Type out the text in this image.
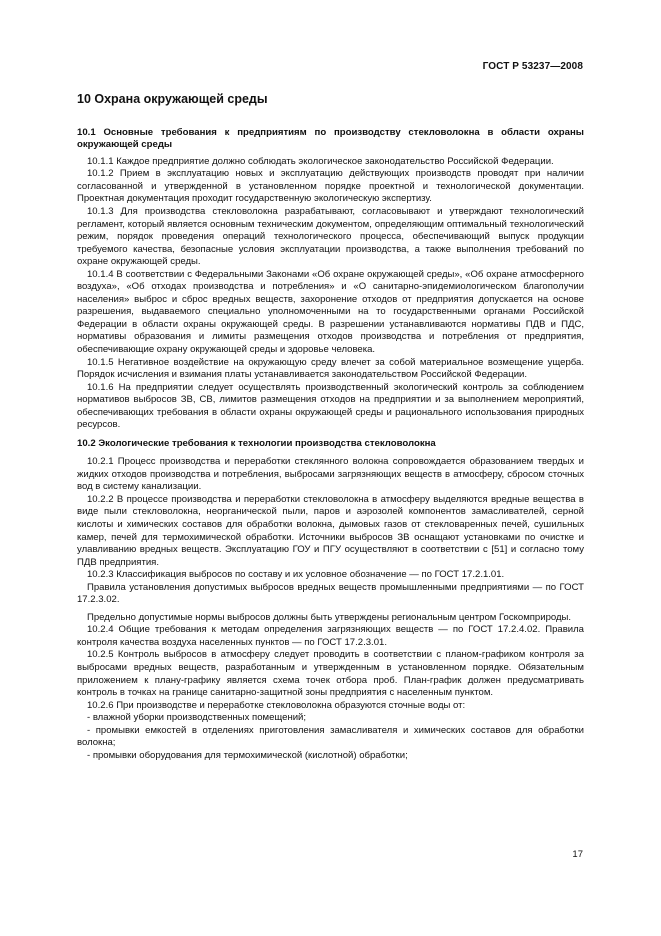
ГОСТ Р 53237—2008
10 Охрана окружающей среды
10.1 Основные требования к предприятиям по производству стекловолокна в области охраны окружающей среды

10.1.1 Каждое предприятие должно соблюдать экологическое законодательство Российской Федерации.

10.1.2 Прием в эксплуатацию новых и эксплуатацию действующих производств проводят при наличии согласованной и утвержденной в установленном порядке проектной и технологической документации. Проектная документация проходит государственную экологическую экспертизу.

10.1.3 Для производства стекловолокна разрабатывают, согласовывают и утверждают технологический регламент, который является основным техническим документом, определяющим оптимальный технологический режим, порядок проведения операций технологического процесса, обеспечивающий выпуск продукции требуемого качества, безопасные условия эксплуатации производства, а также выполнения требований по охране окружающей среды.

10.1.4 В соответствии с Федеральными Законами «Об охране окружающей среды», «Об охране атмосферного воздуха», «Об отходах производства и потребления» и «О санитарно-эпидемиологическом благополучии населения» выброс и сброс вредных веществ, захоронение отходов от предприятия допускается на основе разрешения, выдаваемого специально уполномоченными на то государственными органами Российской Федерации в области охраны окружающей среды. В разрешении устанавливаются нормативы ПДВ и ПДС, нормативы образования и лимиты размещения отходов производства и потребления от предприятия, обеспечивающие охрану окружающей среды и здоровье человека.

10.1.5 Негативное воздействие на окружающую среду влечет за собой материальное возмещение ущерба. Порядок исчисления и взимания платы устанавливается законодательством Российской Федерации.

10.1.6 На предприятии следует осуществлять производственный экологический контроль за соблюдением нормативов выбросов ЗВ, СВ, лимитов размещения отходов на предприятии и за выполнением мероприятий, обеспечивающих требования в области охраны окружающей среды и рационального использования природных ресурсов.

10.2 Экологические требования к технологии производства стекловолокна

10.2.1 Процесс производства и переработки стеклянного волокна сопровождается образованием твердых и жидких отходов производства и потребления, выбросами загрязняющих веществ в атмосферу, сбросом сточных вод в систему канализации.

10.2.2 В процессе производства и переработки стекловолокна в атмосферу выделяются вредные вещества в виде пыли стекловолокна, неорганической пыли, паров и аэрозолей компонентов замасливателей, серной кислоты и химических составов для обработки волокна, дымовых газов от стекловаренных печей, сушильных камер, печей для термохимической обработки. Источники выбросов ЗВ оснащают установками по очистке и улавливанию вредных веществ. Эксплуатацию ГОУ и ПГУ осуществляют в соответствии с [51] и согласно тому ПДВ предприятия.

10.2.3 Классификация выбросов по составу и их условное обозначение — по ГОСТ 17.2.1.01.

Правила установления допустимых выбросов вредных веществ промышленными предприятиями — по ГОСТ 17.2.3.02.

Предельно допустимые нормы выбросов должны быть утверждены региональным центром Госкомприроды.

10.2.4 Общие требования к методам определения загрязняющих веществ — по ГОСТ 17.2.4.02. Правила контроля качества воздуха населенных пунктов — по ГОСТ 17.2.3.01.

10.2.5 Контроль выбросов в атмосферу следует проводить в соответствии с планом-графиком контроля за выбросами вредных веществ, разработанным и утвержденным в установленном порядке. Обязательным приложением к плану-графику является схема точек отбора проб. План-график должен предусматривать контроль в точках на границе санитарно-защитной зоны предприятия с населенным пунктом.

10.2.6 При производстве и переработке стекловолокна образуются сточные воды от:

- влажной уборки производственных помещений;

- промывки емкостей в отделениях приготовления замасливателя и химических составов для обработки волокна;

- промывки оборудования для термохимической (кислотной) обработки;

17
